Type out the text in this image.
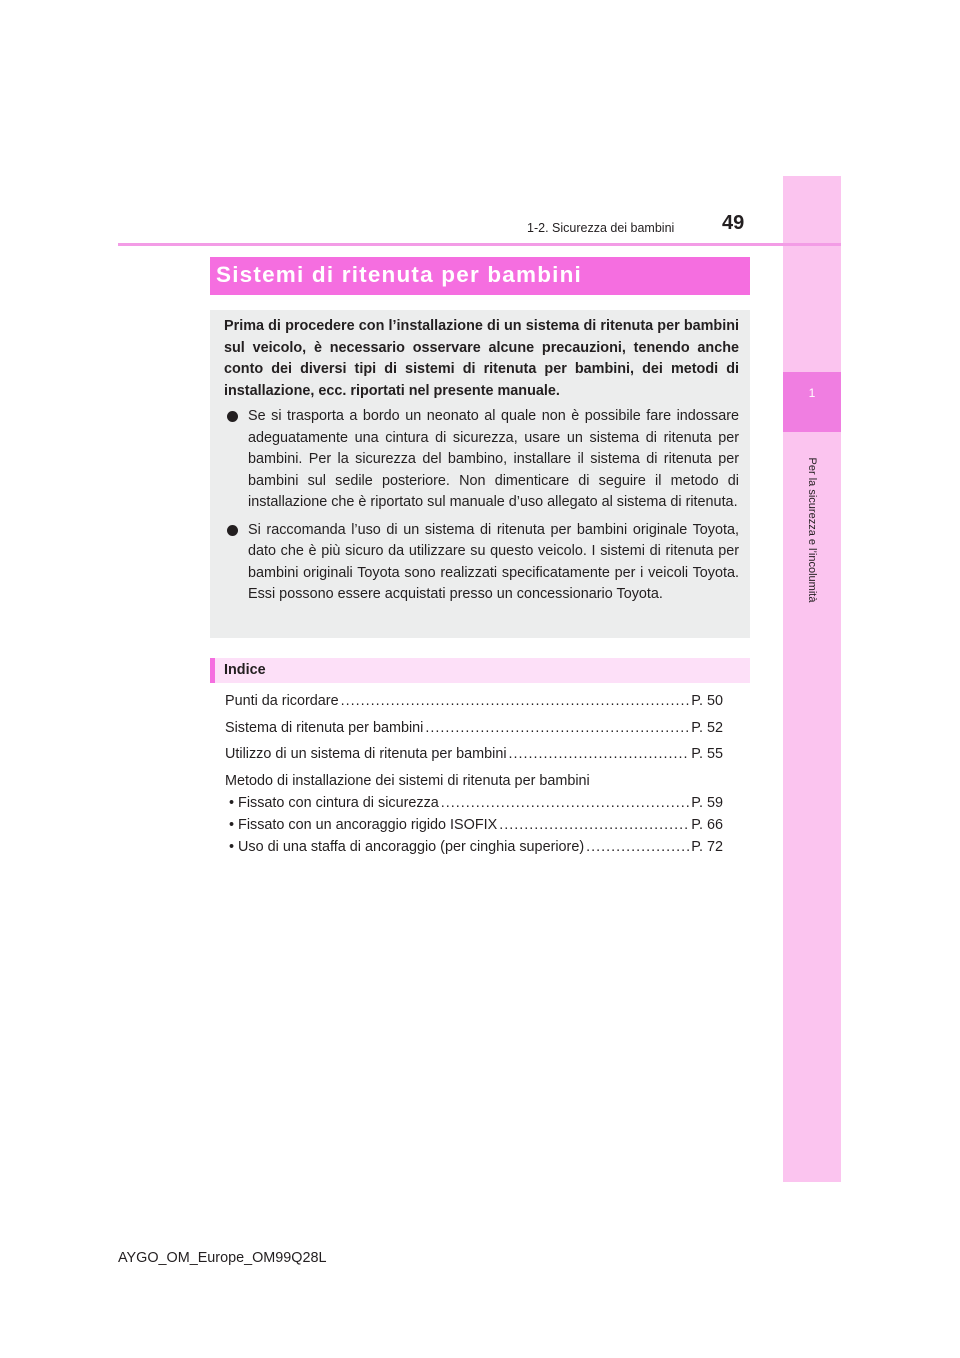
1
Per la sicurezza e l’incolumità
1-2. Sicurezza dei bambini 49
Sistemi di ritenuta per bambini

Prima di procedere con l’installazione di un sistema di ritenuta per bambini sul veicolo, è necessario osservare alcune precauzioni, tenendo anche conto dei diversi tipi di sistemi di ritenuta per bambini, dei metodi di installazione, ecc. riportati nel presente manuale.

Se si trasporta a bordo un neonato al quale non è possibile fare indossare adeguatamente una cintura di sicurezza, usare un sistema di ritenuta per bambini. Per la sicurezza del bambino, installare il sistema di ritenuta per bambini sul sedile posteriore. Non dimenticare di seguire il metodo di installazione che è riportato sul manuale d’uso allegato al sistema di ritenuta.
Si raccomanda l’uso di un sistema di ritenuta per bambini originale Toyota, dato che è più sicuro da utilizzare su questo veicolo. I sistemi di ritenuta per bambini originali Toyota sono realizzati specificatamente per i veicoli Toyota. Essi possono essere acquistati presso un concessionario Toyota.
Indice
Punti da ricordare .....	P. 50
Sistema di ritenuta per bambini .....	P. 52
Utilizzo di un sistema di ritenuta per bambini .....	P. 55
Metodo di installazione dei sistemi di ritenuta per bambini
• Fissato con cintura di sicurezza .....	P. 59
• Fissato con un ancoraggio rigido ISOFIX .....	P. 66
• Uso di una staffa di ancoraggio (per cinghia superiore) .....	P. 72
AYGO_OM_Europe_OM99Q28L
